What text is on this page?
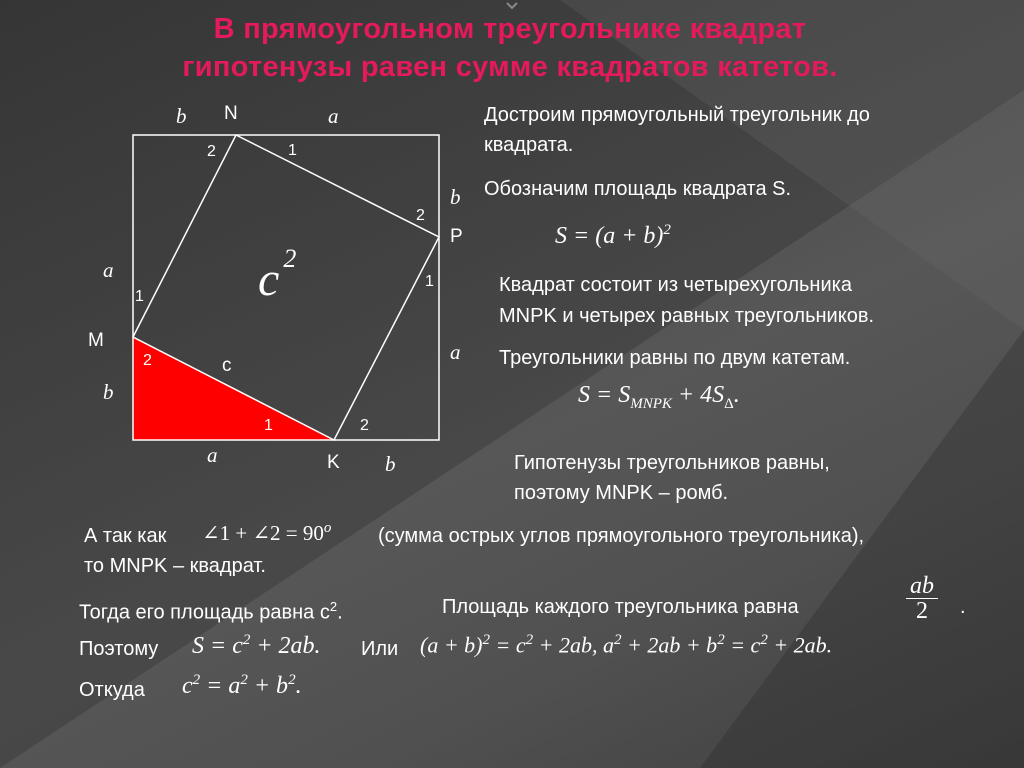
В прямоугольном треугольнике квадрат
гипотенузы равен сумме квадратов катетов.
b N	a
2	1
b
2
P
1
a
a
1
M
2
b
c
1	2
a	K b
c 2
Достроим прямоугольный треугольник до
квадрата.
Обозначим площадь квадрата S.
$S = (a + b)^2$
Квадрат состоит из четырехугольника
MNPK и четырех равных треугольников.
Треугольники равны по двум катетам.
$S = S_{MNPK} + 4S_\Delta$.
Гипотенузы треугольников равны,
поэтому MNPK – ромб.
А так как ∠1 + ∠2 = $90^o$ (сумма острых углов прямоугольного треугольника),
то MNPK – квадрат.
Тогда его площадь равна $c^2$.	Площадь каждого треугольника равна	$\frac{ab}{2}$ .
Поэтому $S = c^2 + 2ab$. Или $(a + b)^2 = c^2 + 2ab$, $a^2 + 2ab + b^2 = c^2 + 2ab$.
Откуда $c^2 = a^2 + b^2$.
